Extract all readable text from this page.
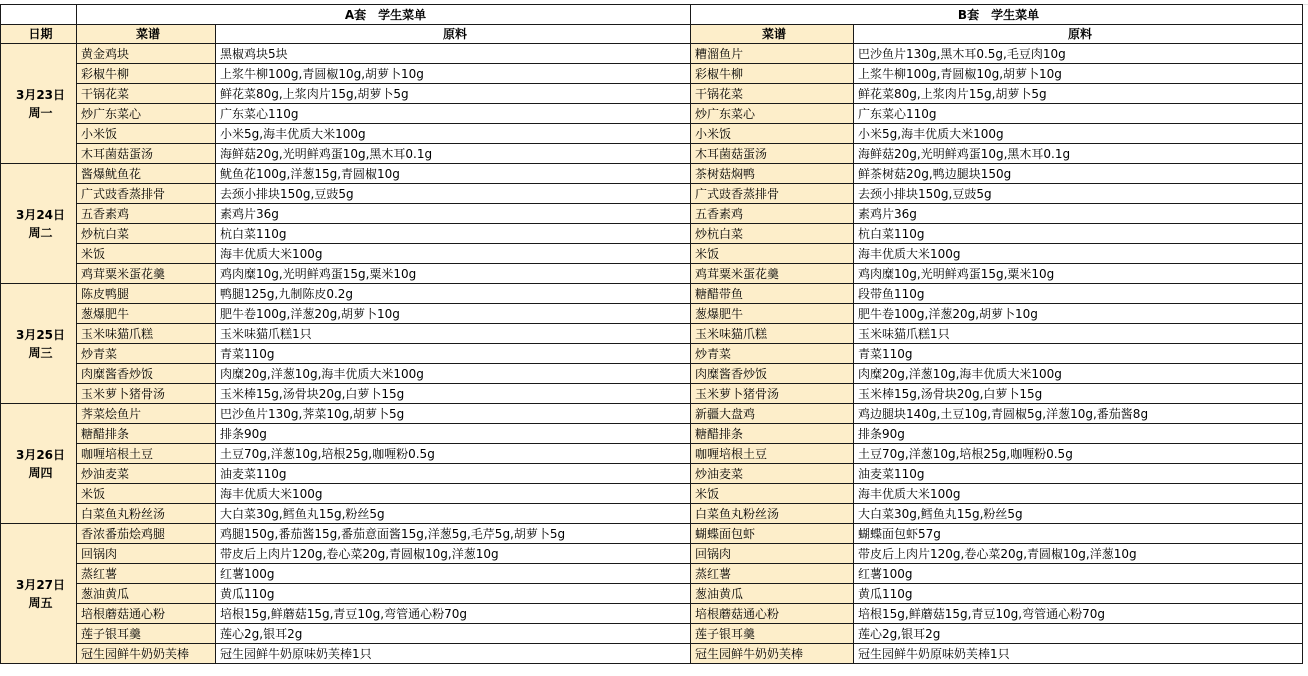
	A套　学生菜单		B套　学生菜单	
日期	菜谱	原料	菜谱	原料

3月23日
周一	黄金鸡块	黑椒鸡块5块	糟溜鱼片	巴沙鱼片130g,黑木耳0.5g,毛豆肉10g
	彩椒牛柳	上浆牛柳100g,青圆椒10g,胡萝卜10g	彩椒牛柳	上浆牛柳100g,青圆椒10g,胡萝卜10g
	干锅花菜	鲜花菜80g,上浆肉片15g,胡萝卜5g	干锅花菜	鲜花菜80g,上浆肉片15g,胡萝卜5g
	炒广东菜心	广东菜心110g	炒广东菜心	广东菜心110g
	小米饭	小米5g,海丰优质大米100g	小米饭	小米5g,海丰优质大米100g
	木耳菌菇蛋汤	海鲜菇20g,光明鲜鸡蛋10g,黑木耳0.1g	木耳菌菇蛋汤	海鲜菇20g,光明鲜鸡蛋10g,黑木耳0.1g

3月24日
周二	酱爆鱿鱼花	鱿鱼花100g,洋葱15g,青圆椒10g	茶树菇焖鸭	鲜茶树菇20g,鸭边腿块150g
	广式豉香蒸排骨	去颈小排块150g,豆豉5g	广式豉香蒸排骨	去颈小排块150g,豆豉5g
	五香素鸡	素鸡片36g	五香素鸡	素鸡片36g
	炒杭白菜	杭白菜110g	炒杭白菜	杭白菜110g
	米饭	海丰优质大米100g	米饭	海丰优质大米100g
	鸡茸粟米蛋花羹	鸡肉糜10g,光明鲜鸡蛋15g,粟米10g	鸡茸粟米蛋花羹	鸡肉糜10g,光明鲜鸡蛋15g,粟米10g

3月25日
周三	陈皮鸭腿	鸭腿125g,九制陈皮0.2g	糖醋带鱼	段带鱼110g
	葱爆肥牛	肥牛卷100g,洋葱20g,胡萝卜10g	葱爆肥牛	肥牛卷100g,洋葱20g,胡萝卜10g
	玉米味猫爪糕	玉米味猫爪糕1只	玉米味猫爪糕	玉米味猫爪糕1只
	炒青菜	青菜110g	炒青菜	青菜110g
	肉糜酱香炒饭	肉糜20g,洋葱10g,海丰优质大米100g	肉糜酱香炒饭	肉糜20g,洋葱10g,海丰优质大米100g
	玉米萝卜猪骨汤	玉米棒15g,汤骨块20g,白萝卜15g	玉米萝卜猪骨汤	玉米棒15g,汤骨块20g,白萝卜15g

3月26日
周四	荠菜烩鱼片	巴沙鱼片130g,荠菜10g,胡萝卜5g	新疆大盘鸡	鸡边腿块140g,土豆10g,青圆椒5g,洋葱10g,番茄酱8g
	糖醋排条	排条90g	糖醋排条	排条90g
	咖喱培根土豆	土豆70g,洋葱10g,培根25g,咖喱粉0.5g	咖喱培根土豆	土豆70g,洋葱10g,培根25g,咖喱粉0.5g
	炒油麦菜	油麦菜110g	炒油麦菜	油麦菜110g
	米饭	海丰优质大米100g	米饭	海丰优质大米100g
	白菜鱼丸粉丝汤	大白菜30g,鳕鱼丸15g,粉丝5g	白菜鱼丸粉丝汤	大白菜30g,鳕鱼丸15g,粉丝5g

3月27日
周五	香浓番茄烩鸡腿	鸡腿150g,番茄酱15g,番茄意面酱15g,洋葱5g,毛芹5g,胡萝卜5g	蝴蝶面包虾	蝴蝶面包虾57g
	回锅肉	带皮后上肉片120g,卷心菜20g,青圆椒10g,洋葱10g	回锅肉	带皮后上肉片120g,卷心菜20g,青圆椒10g,洋葱10g
	蒸红薯	红薯100g	蒸红薯	红薯100g
	葱油黄瓜	黄瓜110g	葱油黄瓜	黄瓜110g
	培根蘑菇通心粉	培根15g,鲜蘑菇15g,青豆10g,弯管通心粉70g	培根蘑菇通心粉	培根15g,鲜蘑菇15g,青豆10g,弯管通心粉70g
	莲子银耳羹	莲心2g,银耳2g	莲子银耳羹	莲心2g,银耳2g
	冠生园鲜牛奶奶芙棒	冠生园鲜牛奶原味奶芙棒1只	冠生园鲜牛奶奶芙棒	冠生园鲜牛奶原味奶芙棒1只
